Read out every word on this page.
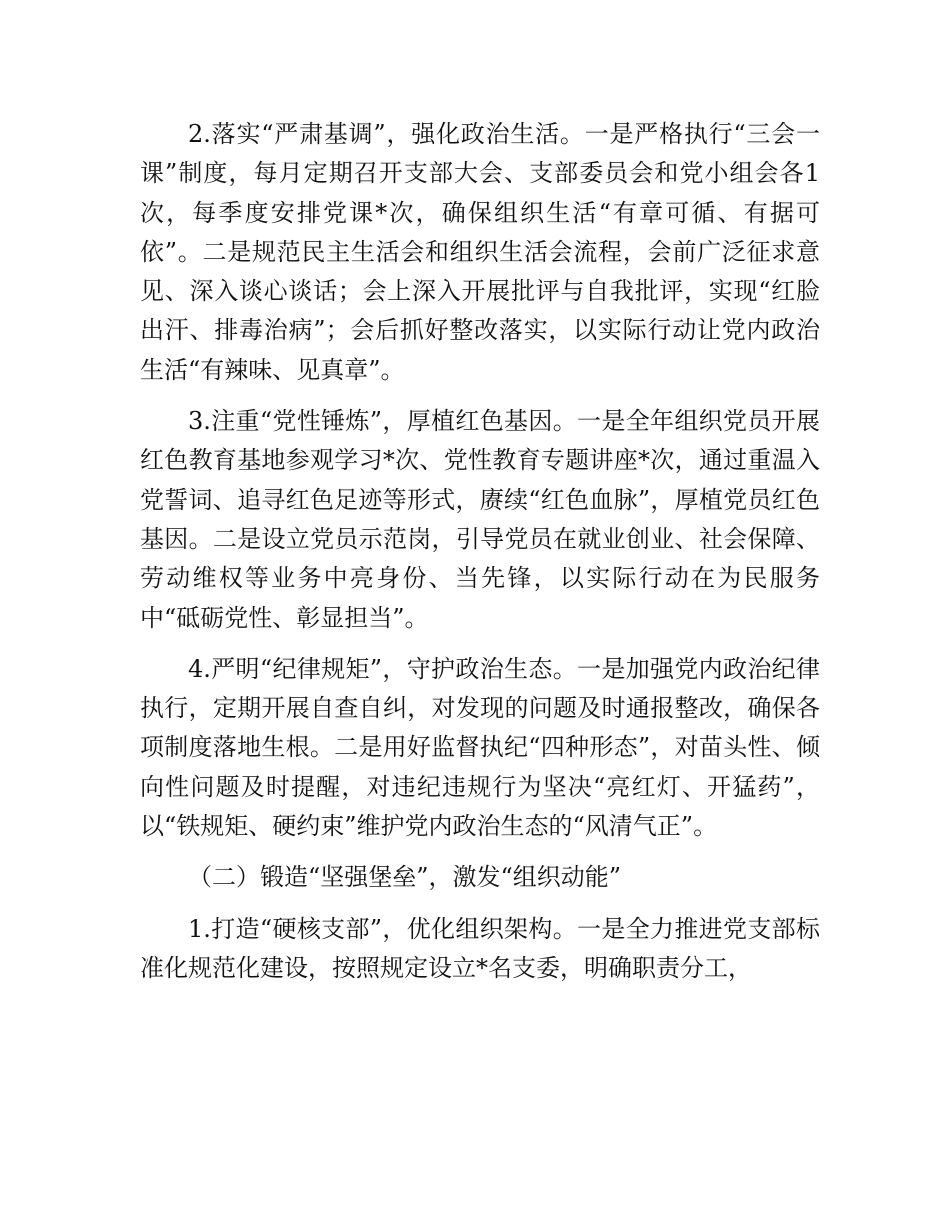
2.落实“严肃基调”，强化政治生活。一是严格执行“三会一课”制度，每月定期召开支部大会、支部委员会和党小组会各1次，每季度安排党课*次，确保组织生活“有章可循、有据可依”。二是规范民主生活会和组织生活会流程，会前广泛征求意见、深入谈心谈话；会上深入开展批评与自我批评，实现“红脸出汗、排毒治病”；会后抓好整改落实，以实际行动让党内政治生活“有辣味、见真章”。

3.注重“党性锤炼”，厚植红色基因。一是全年组织党员开展红色教育基地参观学习*次、党性教育专题讲座*次，通过重温入党誓词、追寻红色足迹等形式，赓续“红色血脉”，厚植党员红色基因。二是设立党员示范岗，引导党员在就业创业、社会保障、劳动维权等业务中亮身份、当先锋，以实际行动在为民服务中“砥砺党性、彰显担当”。

4.严明“纪律规矩”，守护政治生态。一是加强党内政治纪律执行，定期开展自查自纠，对发现的问题及时通报整改，确保各项制度落地生根。二是用好监督执纪“四种形态”，对苗头性、倾向性问题及时提醒，对违纪违规行为坚决“亮红灯、开猛药”，以“铁规矩、硬约束”维护党内政治生态的“风清气正”。

（二）锻造“坚强堡垒”，激发“组织动能”

1.打造“硬核支部”，优化组织架构。一是全力推进党支部标准化规范化建设，按照规定设立*名支委，明确职责分工，
